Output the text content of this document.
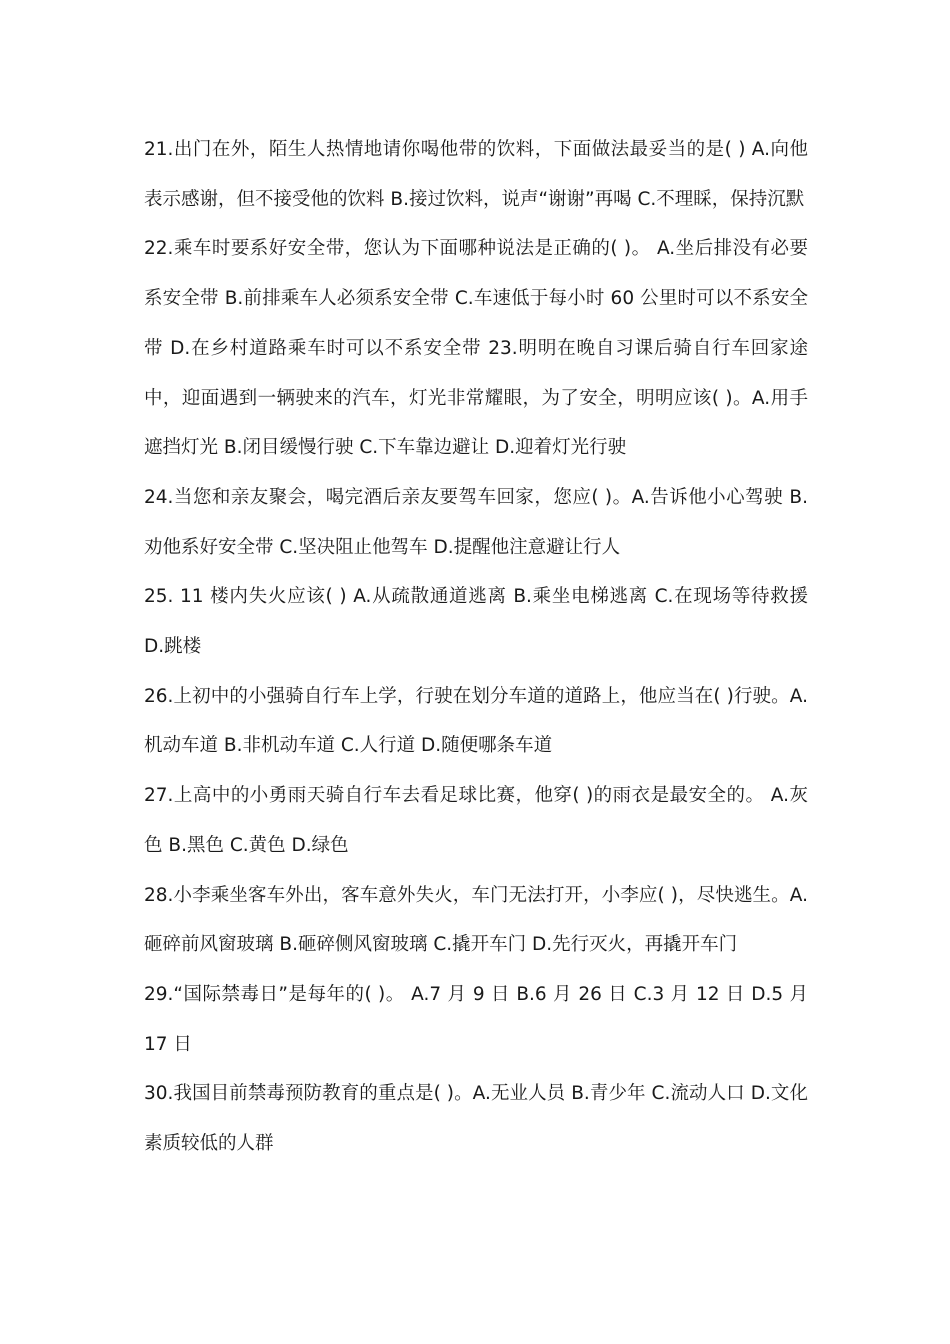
21.出门在外，陌生人热情地请你喝他带的饮料，下面做法最妥当的是( ) A.向他表示感谢，但不接受他的饮料 B.接过饮料，说声“谢谢”再喝 C.不理睬，保持沉默

22.乘车时要系好安全带，您认为下面哪种说法是正确的( )。 A.坐后排没有必要系安全带 B.前排乘车人必须系安全带 C.车速低于每小时 60 公里时可以不系安全带 D.在乡村道路乘车时可以不系安全带 23.明明在晚自习课后骑自行车回家途中，迎面遇到一辆驶来的汽车，灯光非常耀眼，为了安全，明明应该( )。A.用手遮挡灯光 B.闭目缓慢行驶 C.下车靠边避让 D.迎着灯光行驶

24.当您和亲友聚会，喝完酒后亲友要驾车回家，您应( )。A.告诉他小心驾驶 B.劝他系好安全带 C.坚决阻止他驾车 D.提醒他注意避让行人

25. 11 楼内失火应该( ) A.从疏散通道逃离 B.乘坐电梯逃离 C.在现场等待救援 D.跳楼

26.上初中的小强骑自行车上学，行驶在划分车道的道路上，他应当在( )行驶。A.机动车道 B.非机动车道 C.人行道 D.随便哪条车道

27.上高中的小勇雨天骑自行车去看足球比赛，他穿( )的雨衣是最安全的。 A.灰色 B.黑色 C.黄色 D.绿色

28.小李乘坐客车外出，客车意外失火，车门无法打开，小李应( )，尽快逃生。A.砸碎前风窗玻璃 B.砸碎侧风窗玻璃 C.撬开车门 D.先行灭火，再撬开车门

29.“国际禁毒日”是每年的( )。 A.7 月 9 日 B.6 月 26 日 C.3 月 12 日 D.5 月 17 日

30.我国目前禁毒预防教育的重点是( )。A.无业人员 B.青少年 C.流动人口 D.文化素质较低的人群
